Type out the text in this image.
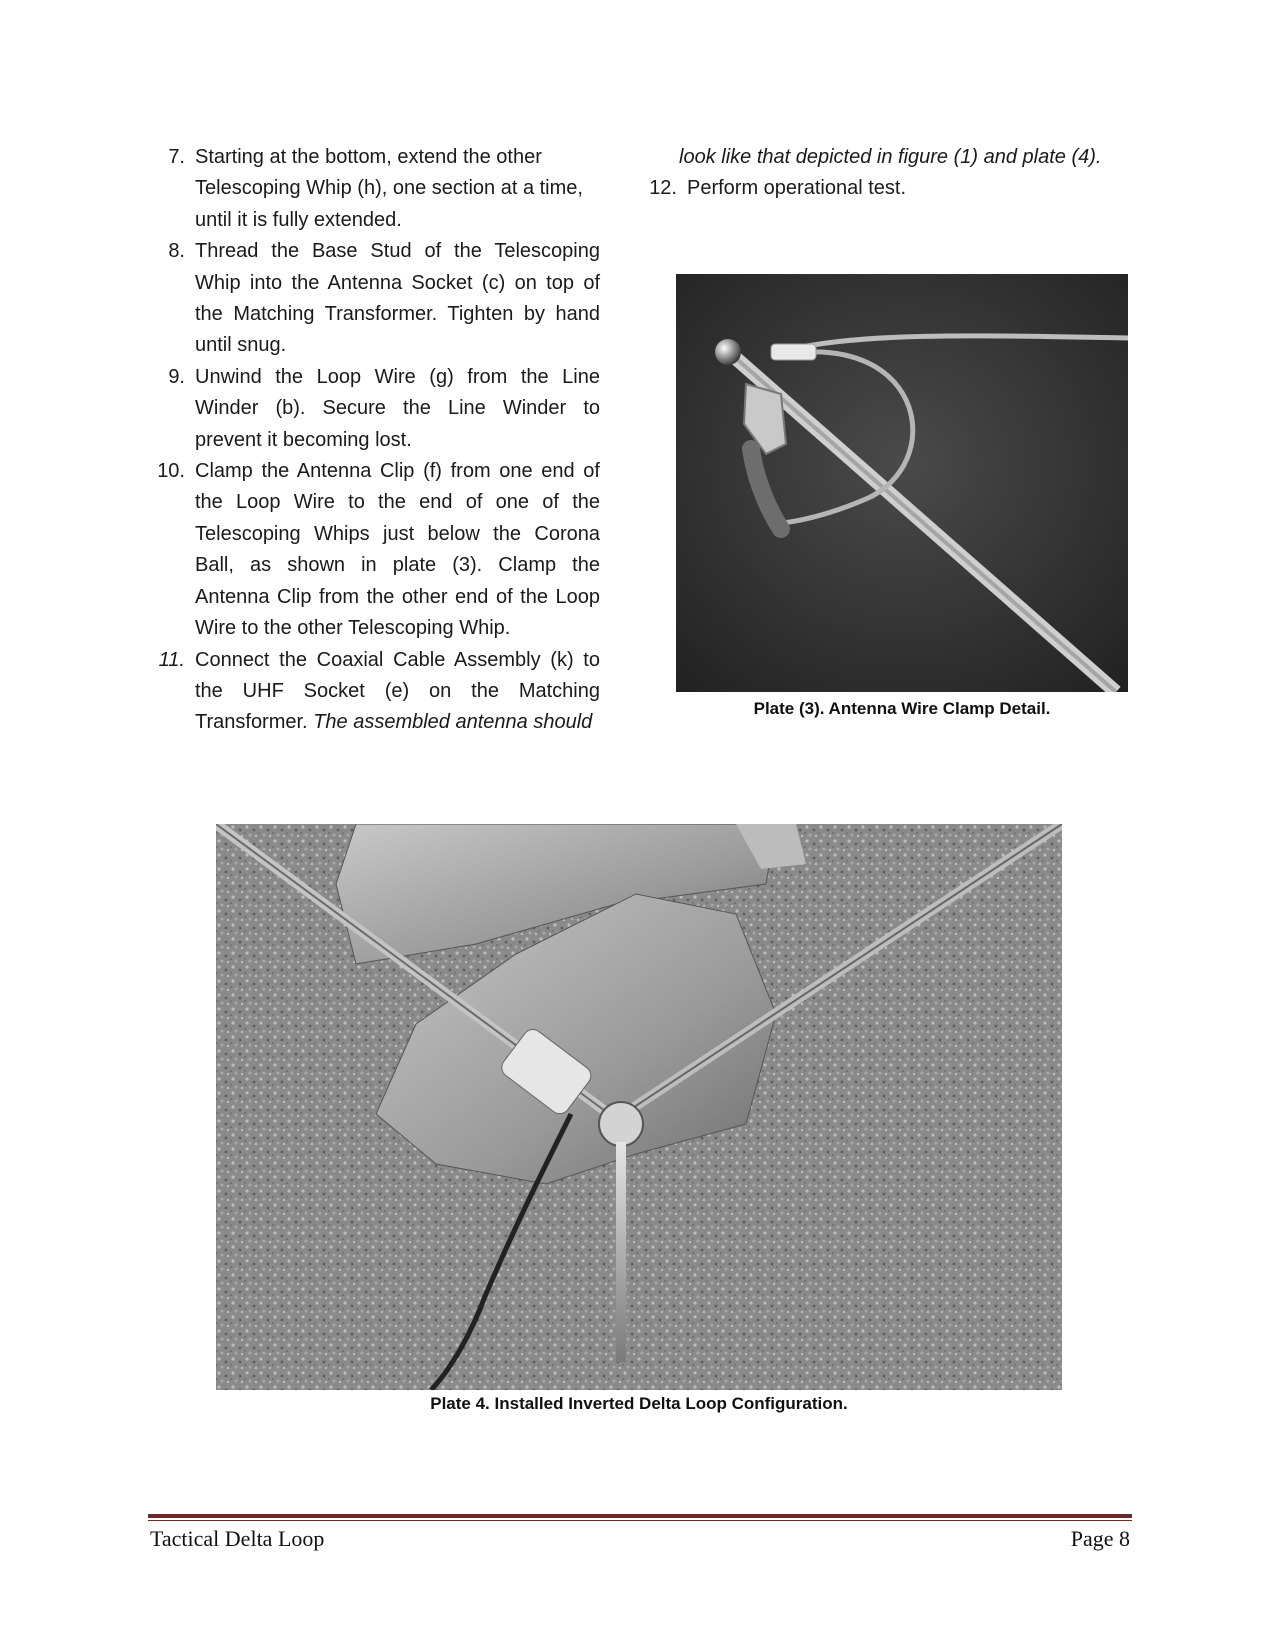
7. Starting at the bottom, extend the other Telescoping Whip (h), one section at a time, until it is fully extended.
8. Thread the Base Stud of the Telescoping Whip into the Antenna Socket (c) on top of the Matching Transformer. Tighten by hand until snug.
9. Unwind the Loop Wire (g) from the Line Winder (b). Secure the Line Winder to prevent it becoming lost.
10. Clamp the Antenna Clip (f) from one end of the Loop Wire to the end of one of the Telescoping Whips just below the Corona Ball, as shown in plate (3). Clamp the Antenna Clip from the other end of the Loop Wire to the other Telescoping Whip.
11. Connect the Coaxial Cable Assembly (k) to the UHF Socket (e) on the Matching Transformer. The assembled antenna should
look like that depicted in figure (1) and plate (4).
12. Perform operational test.
Plate (3). Antenna Wire Clamp Detail.
Plate 4. Installed Inverted Delta Loop Configuration.
Tactical Delta Loop	Page 8
